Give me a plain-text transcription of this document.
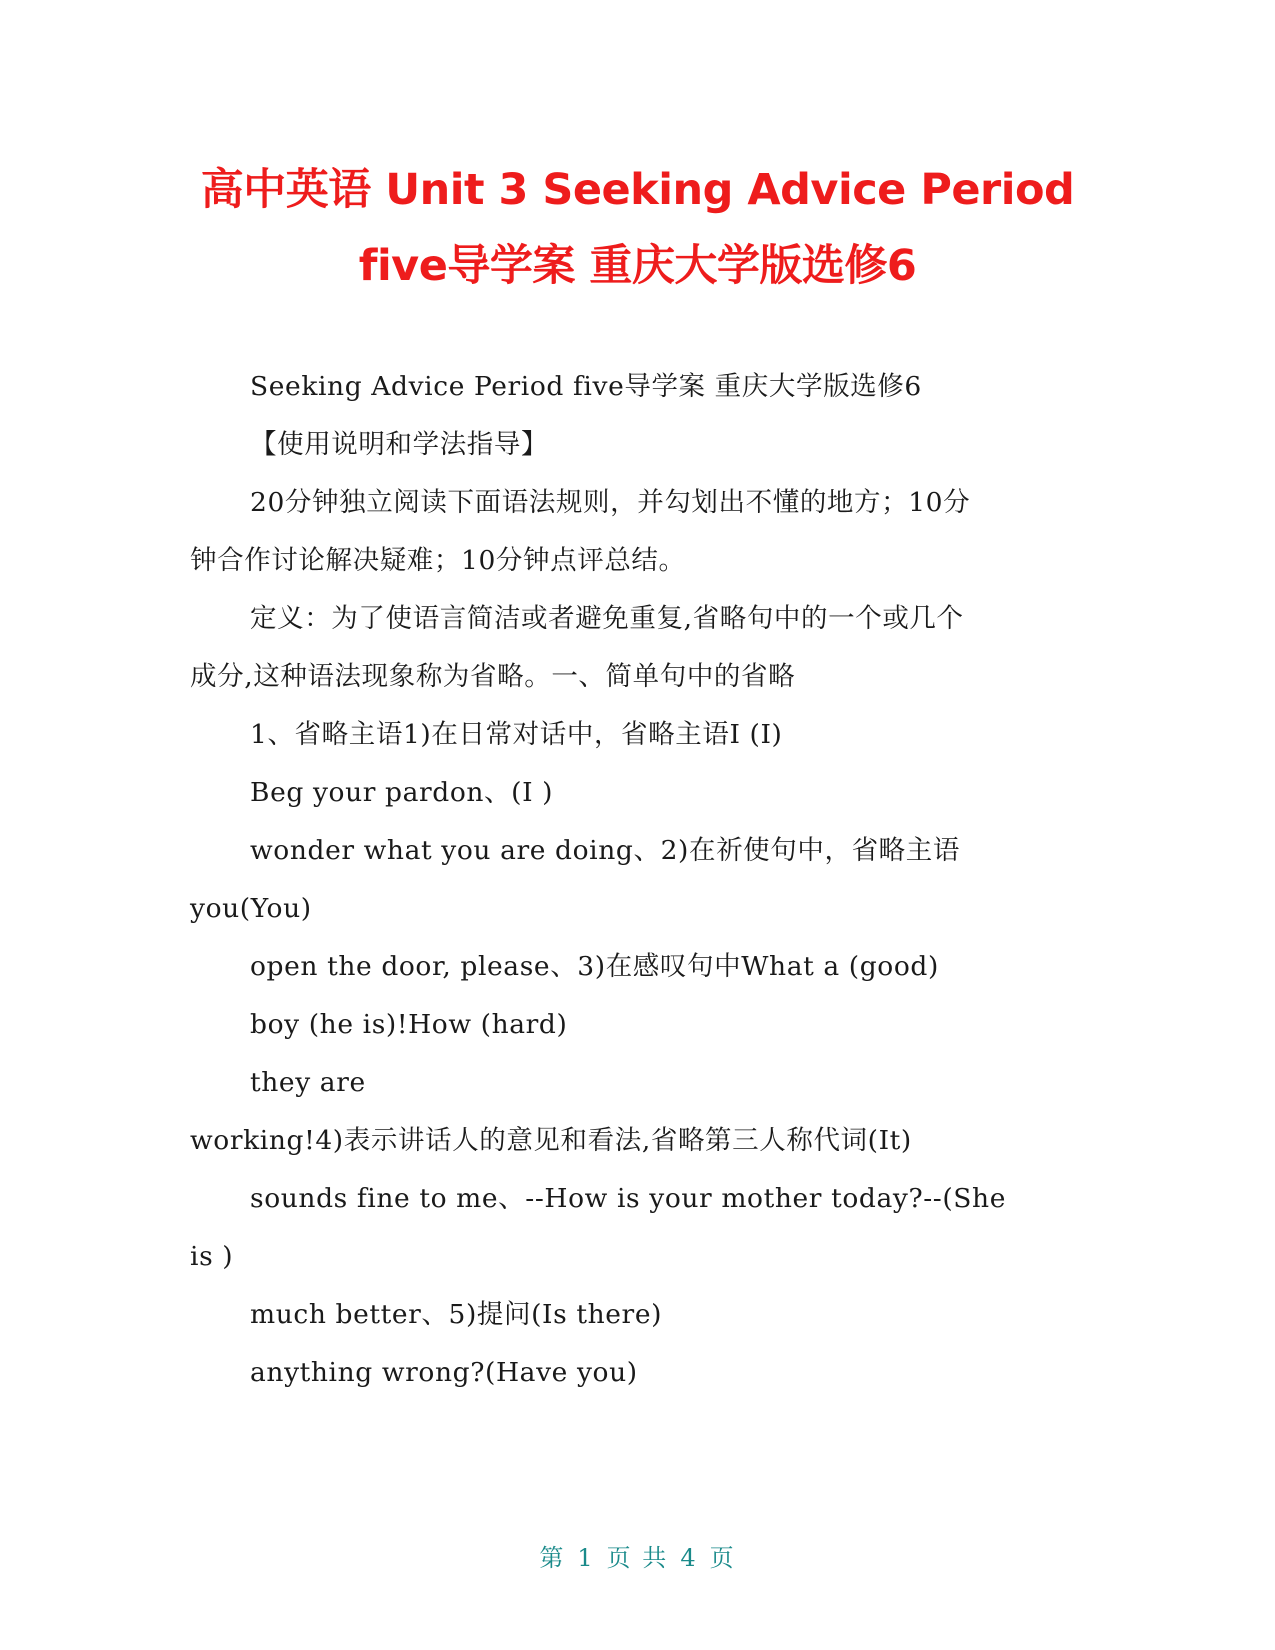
高中英语 Unit 3 Seeking Advice Period
five导学案 重庆大学版选修6
Seeking Advice Period five导学案 重庆大学版选修6
【使用说明和学法指导】
20分钟独立阅读下面语法规则，并勾划出不懂的地方；10分
钟合作讨论解决疑难；10分钟点评总结。
定义：为了使语言简洁或者避免重复,省略句中的一个或几个
成分,这种语法现象称为省略。一、简单句中的省略
1、省略主语1)在日常对话中，省略主语I (I)
Beg your pardon、(I )
wonder what you are doing、2)在祈使句中，省略主语
you(You)
open the door, please、3)在感叹句中What a (good)
boy (he is)!How (hard)
they are
working!4)表示讲话人的意见和看法,省略第三人称代词(It)
sounds fine to me、--How is your mother today?--(She
is )
much better、5)提问(Is there)
anything wrong?(Have you)
第 1 页 共 4 页
